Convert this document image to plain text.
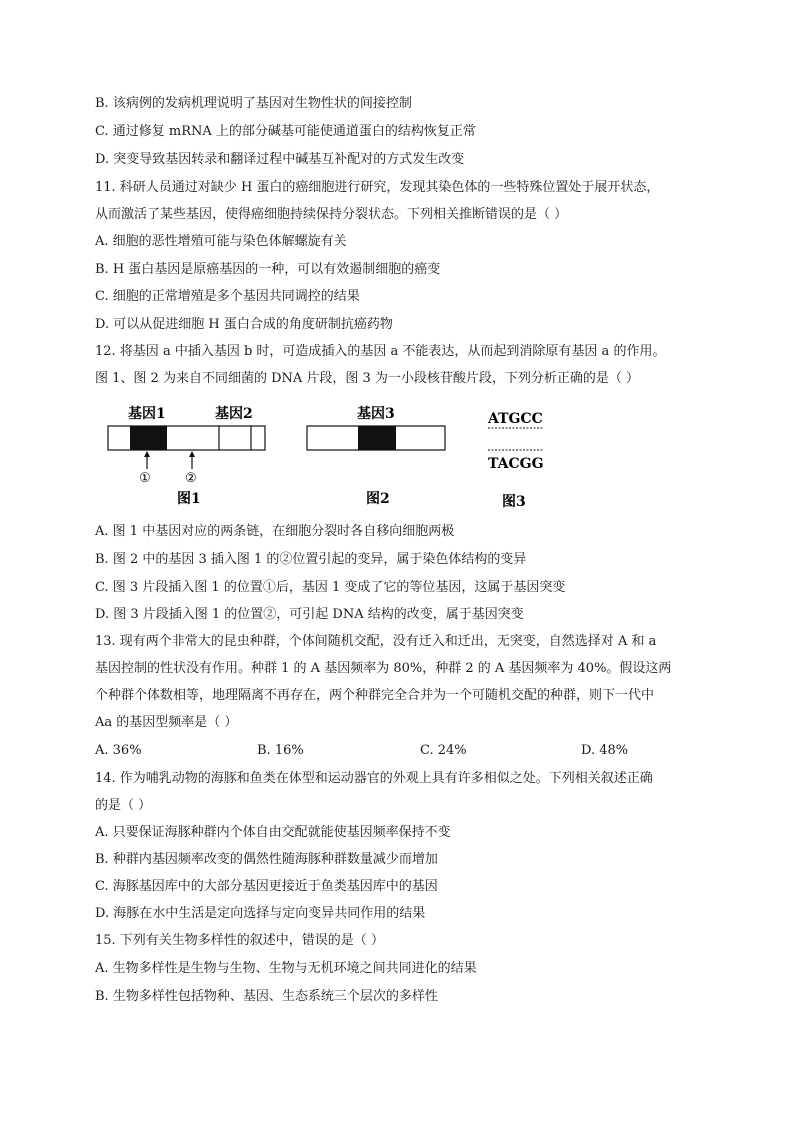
B. 该病例的发病机理说明了基因对生物性状的间接控制
C. 通过修复 mRNA 上的部分碱基可能使通道蛋白的结构恢复正常
D. 突变导致基因转录和翻译过程中碱基互补配对的方式发生改变
11. 科研人员通过对缺少 H 蛋白的癌细胞进行研究，发现其染色体的一些特殊位置处于展开状态，
从而激活了某些基因，使得癌细胞持续保持分裂状态。下列相关推断错误的是（ ）
A. 细胞的恶性增殖可能与染色体解螺旋有关
B. H 蛋白基因是原癌基因的一种，可以有效遏制细胞的癌变
C. 细胞的正常增殖是多个基因共同调控的结果
D. 可以从促进细胞 H 蛋白合成的角度研制抗癌药物
12. 将基因 a 中插入基因 b 时，可造成插入的基因 a 不能表达，从而起到消除原有基因 a 的作用。
图 1、图 2 为来自不同细菌的 DNA 片段，图 3 为一小段核苷酸片段，下列分析正确的是（ ）
A. 图 1 中基因对应的两条链，在细胞分裂时各自移向细胞两极
B. 图 2 中的基因 3 插入图 1 的②位置引起的变异，属于染色体结构的变异
C. 图 3 片段插入图 1 的位置①后，基因 1 变成了它的等位基因，这属于基因突变
D. 图 3 片段插入图 1 的位置②，可引起 DNA 结构的改变，属于基因突变
13. 现有两个非常大的昆虫种群，个体间随机交配，没有迁入和迁出，无突变，自然选择对 A 和 a
基因控制的性状没有作用。种群 1 的 A 基因频率为 80%，种群 2 的 A 基因频率为 40%。假设这两
个种群个体数相等，地理隔离不再存在，两个种群完全合并为一个可随机交配的种群，则下一代中
Aa 的基因型频率是（ ）
14. 作为哺乳动物的海豚和鱼类在体型和运动器官的外观上具有许多相似之处。下列相关叙述正确
的是（ ）
A. 只要保证海豚种群内个体自由交配就能使基因频率保持不变
B. 种群内基因频率改变的偶然性随海豚种群数量减少而增加
C. 海豚基因库中的大部分基因更接近于鱼类基因库中的基因
D. 海豚在水中生活是定向选择与定向变异共同作用的结果
15. 下列有关生物多样性的叙述中，错误的是（ ）
A. 生物多样性是生物与生物、生物与无机环境之间共同进化的结果
B. 生物多样性包括物种、基因、生态系统三个层次的多样性
基因1	基因2
①	②
图1
基因3
图2
ATGCC
TACGG
图3
A. 36%	B. 16%	C. 24%	D. 48%
